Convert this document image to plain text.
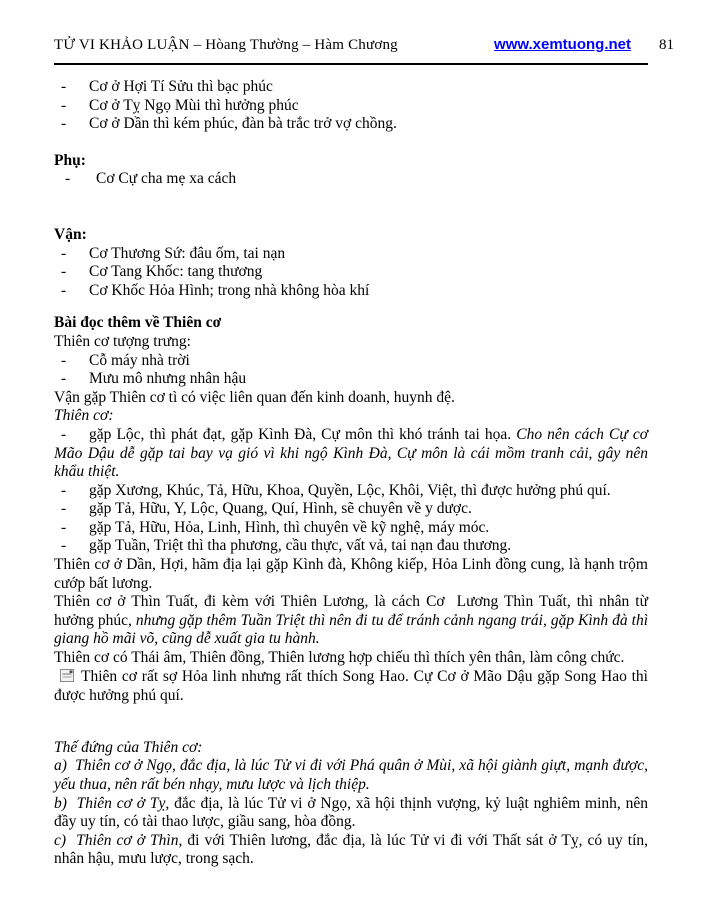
TỬ VI KHẢO LUẬN – Hòang Thường – Hàm Chương	www.xemtuong.net 81
- Cơ ở Hợi Tí Sửu thì bạc phúc
- Cơ ở Tỵ Ngọ Mùi thì hưởng phúc
- Cơ ở Dần thì kém phúc, đàn bà trắc trở vợ chồng.
Phụ:
- Cơ Cự cha mẹ xa cách
Vận:
- Cơ Thương Sứ: đâu ốm, tai nạn
- Cơ Tang Khốc: tang thương
- Cơ Khốc Hỏa Hình; trong nhà không hòa khí
Bài đọc thêm về Thiên cơ
Thiên cơ tượng trưng:
- Cỗ máy nhà trời
- Mưu mô nhưng nhân hậu
Vận gặp Thiên cơ tì có việc liên quan đến kinh doanh, huynh đệ.
Thiên cơ:

- gặp Lộc, thì phát đạt, gặp Kình Đà, Cự môn thì khó tránh tai họa. Cho nên cách Cự cơ Mão Dậu dễ gặp tai bay vạ gió vì khi ngộ Kình Đà, Cự môn là cái mồm tranh cải, gây nên khẩu thiệt.

- gặp Xương, Khúc, Tả, Hữu, Khoa, Quyền, Lộc, Khôi, Việt, thì được hưởng phú quí.
- gặp Tả, Hữu, Y, Lộc, Quang, Quí, Hình, sẽ chuyên về y dược.
- gặp Tả, Hữu, Hỏa, Linh, Hình, thì chuyên về kỹ nghệ, máy móc.
- gặp Tuần, Triệt thì tha phương, cầu thực, vất vả, tai nạn đau thương.

Thiên cơ ở Dần, Hợi, hãm địa lại gặp Kình đà, Không kiếp, Hỏa Linh đồng cung, là hạnh trộm cướp bất lương.

Thiên cơ ở Thìn Tuất, đi kèm với Thiên Lương, là cách Cơ  Lương Thìn Tuất, thì nhân từ hưởng phúc, nhưng gặp thêm Tuần Triệt thì nên đi tu để tránh cảnh ngang trái, gặp Kình đà thì giang hồ mãi võ, cũng dễ xuất gia tu hành.

Thiên cơ có Thái âm, Thiên đồng, Thiên lương hợp chiếu thì thích yên thân, làm công chức.

Thiên cơ rất sợ Hỏa linh nhưng rất thích Song Hao. Cự Cơ ở Mão Dậu gặp Song Hao thì được hưởng phú quí.

Thế đứng của Thiên cơ:

a)  Thiên cơ ở Ngọ, đắc địa, là lúc Tử vi đi với Phá quân ở Mùi, xã hội giành giựt, mạnh được, yếu thua, nên rất bén nhạy, mưu lược và lịch thiệp.

b)  Thiên cơ ở Tỵ, đắc địa, là lúc Tử vi ở Ngọ, xã hội thịnh vượng, kỷ luật nghiêm minh, nên đầy uy tín, có tài thao lược, giầu sang, hòa đồng.

c)  Thiên cơ ở Thìn, đi với Thiên lương, đắc địa, là lúc Tử vi đi với Thất sát ở Tỵ, có uy tín, nhân hậu, mưu lược, trong sạch.
